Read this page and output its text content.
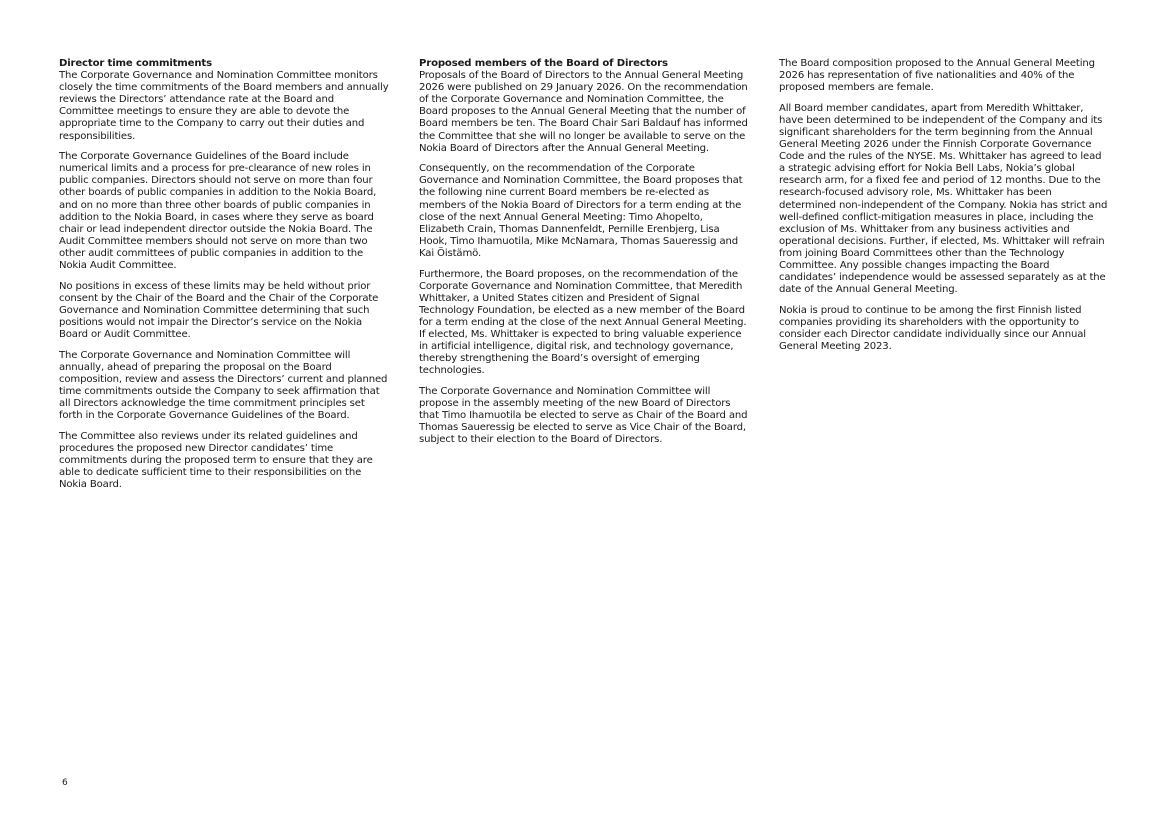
Director time commitments

The Corporate Governance and Nomination Committee monitors closely the time commitments of the Board members and annually reviews the Directors’ attendance rate at the Board and Committee meetings to ensure they are able to devote the appropriate time to the Company to carry out their duties and responsibilities.

The Corporate Governance Guidelines of the Board include numerical limits and a process for pre-clearance of new roles in public companies. Directors should not serve on more than four other boards of public companies in addition to the Nokia Board, and on no more than three other boards of public companies in addition to the Nokia Board, in cases where they serve as board chair or lead independent director outside the Nokia Board. The Audit Committee members should not serve on more than two other audit committees of public companies in addition to the Nokia Audit Committee.

No positions in excess of these limits may be held without prior consent by the Chair of the Board and the Chair of the Corporate Governance and Nomination Committee determining that such positions would not impair the Director’s service on the Nokia Board or Audit Committee.

The Corporate Governance and Nomination Committee will annually, ahead of preparing the proposal on the Board composition, review and assess the Directors’ current and planned time commitments outside the Company to seek affirmation that all Directors acknowledge the time commitment principles set forth in the Corporate Governance Guidelines of the Board.

The Committee also reviews under its related guidelines and procedures the proposed new Director candidates’ time commitments during the proposed term to ensure that they are able to dedicate sufficient time to their responsibilities on the Nokia Board.

Proposed members of the Board of Directors

Proposals of the Board of Directors to the Annual General Meeting 2026 were published on 29 January 2026. On the recommendation of the Corporate Governance and Nomination Committee, the Board proposes to the Annual General Meeting that the number of Board members be ten. The Board Chair Sari Baldauf has informed the Committee that she will no longer be available to serve on the Nokia Board of Directors after the Annual General Meeting.

Consequently, on the recommendation of the Corporate Governance and Nomination Committee, the Board proposes that the following nine current Board members be re-elected as members of the Nokia Board of Directors for a term ending at the close of the next Annual General Meeting: Timo Ahopelto, Elizabeth Crain, Thomas Dannenfeldt, Pernille Erenbjerg, Lisa Hook, Timo Ihamuotila, Mike McNamara, Thomas Saueressig and Kai Öistämö.

Furthermore, the Board proposes, on the recommendation of the Corporate Governance and Nomination Committee, that Meredith Whittaker, a United States citizen and President of Signal Technology Foundation, be elected as a new member of the Board for a term ending at the close of the next Annual General Meeting. If elected, Ms. Whittaker is expected to bring valuable experience in artificial intelligence, digital risk, and technology governance, thereby strengthening the Board’s oversight of emerging technologies.

The Corporate Governance and Nomination Committee will propose in the assembly meeting of the new Board of Directors that Timo Ihamuotila be elected to serve as Chair of the Board and Thomas Saueressig be elected to serve as Vice Chair of the Board, subject to their election to the Board of Directors.

The Board composition proposed to the Annual General Meeting 2026 has representation of five nationalities and 40% of the proposed members are female.

All Board member candidates, apart from Meredith Whittaker, have been determined to be independent of the Company and its significant shareholders for the term beginning from the Annual General Meeting 2026 under the Finnish Corporate Governance Code and the rules of the NYSE. Ms. Whittaker has agreed to lead a strategic advising effort for Nokia Bell Labs, Nokia’s global research arm, for a fixed fee and period of 12 months. Due to the research-focused advisory role, Ms. Whittaker has been determined non-independent of the Company. Nokia has strict and well-defined conflict-mitigation measures in place, including the exclusion of Ms. Whittaker from any business activities and operational decisions. Further, if elected, Ms. Whittaker will refrain from joining Board Committees other than the Technology Committee. Any possible changes impacting the Board candidates’ independence would be assessed separately as at the date of the Annual General Meeting.

Nokia is proud to continue to be among the first Finnish listed companies providing its shareholders with the opportunity to consider each Director candidate individually since our Annual General Meeting 2023.

6
